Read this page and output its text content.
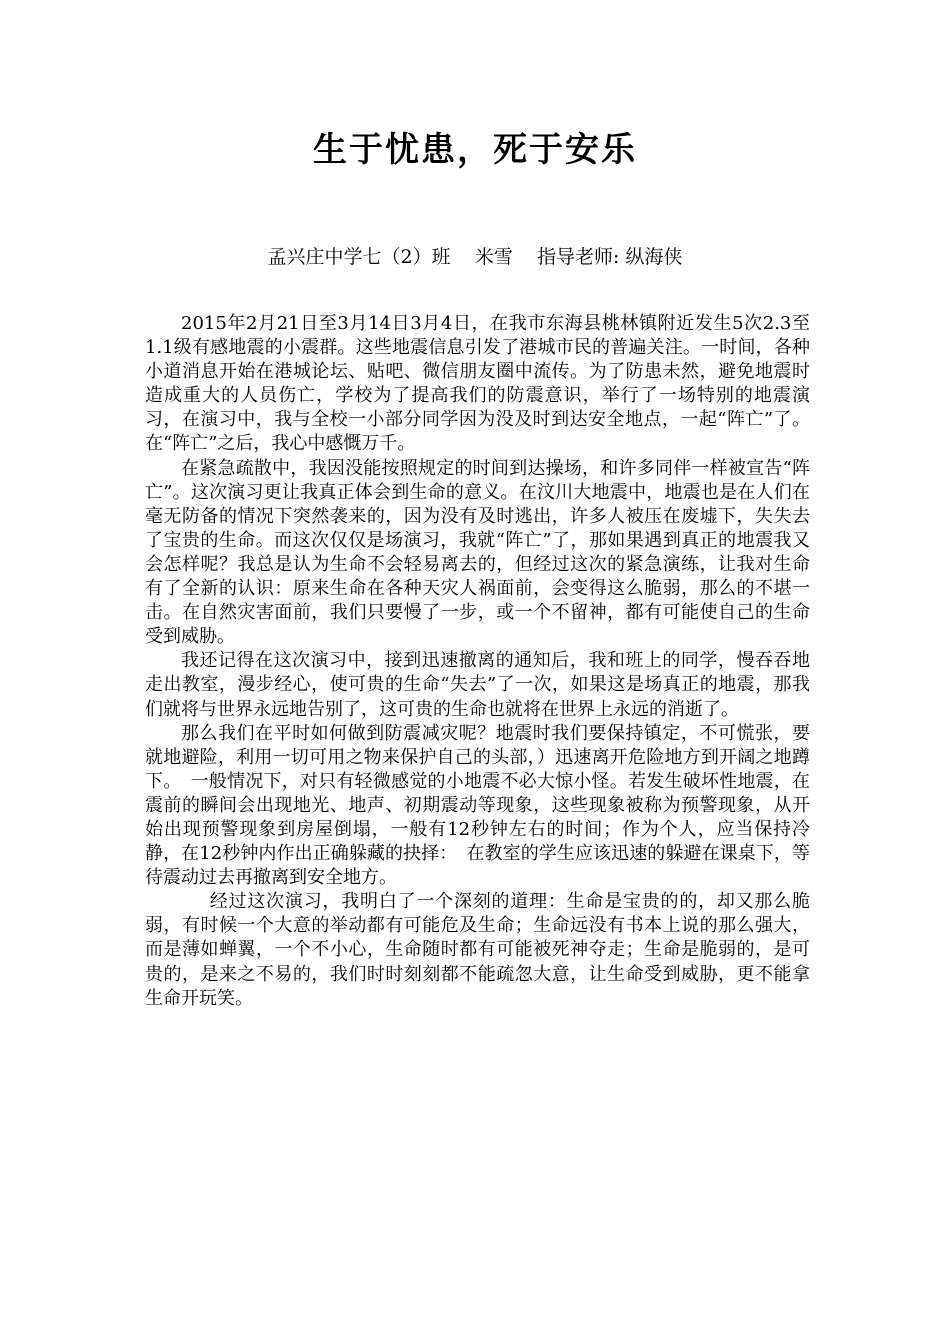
生于忧患，死于安乐
孟兴庄中学七（2）班 米雪 指导老师: 纵海侠

2015年2月21日至3月14日3月4日，在我市东海县桃林镇附近发生5次2.3至1.1级有感地震的小震群。这些地震信息引发了港城市民的普遍关注。一时间，各种小道消息开始在港城论坛、贴吧、微信朋友圈中流传。为了防患未然，避免地震时造成重大的人员伤亡，学校为了提高我们的防震意识，举行了一场特别的地震演习，在演习中，我与全校一小部分同学因为没及时到达安全地点，一起“阵亡”了。在“阵亡”之后，我心中感慨万千。

在紧急疏散中，我因没能按照规定的时间到达操场，和许多同伴一样被宣告“阵亡”。这次演习更让我真正体会到生命的意义。在汶川大地震中，地震也是在人们在毫无防备的情况下突然袭来的，因为没有及时逃出，许多人被压在废墟下，失失去了宝贵的生命。而这次仅仅是场演习，我就“阵亡”了，那如果遇到真正的地震我又会怎样呢？我总是认为生命不会轻易离去的，但经过这次的紧急演练，让我对生命有了全新的认识：原来生命在各种天灾人祸面前，会变得这么脆弱，那么的不堪一击。在自然灾害面前，我们只要慢了一步，或一个不留神，都有可能使自己的生命受到威胁。

我还记得在这次演习中，接到迅速撤离的通知后，我和班上的同学，慢吞吞地走出教室，漫步经心，使可贵的生命“失去”了一次，如果这是场真正的地震，那我们就将与世界永远地告别了，这可贵的生命也就将在世界上永远的消逝了。

那么我们在平时如何做到防震减灾呢？地震时我们要保持镇定，不可慌张，要就地避险，利用一切可用之物来保护自己的头部，）迅速离开危险地方到开阔之地蹲下。　一般情况下，对只有轻微感觉的小地震不必大惊小怪。若发生破坏性地震，在震前的瞬间会出现地光、地声、初期震动等现象，这些现象被称为预警现象，从开始出现预警现象到房屋倒塌，一般有12秒钟左右的时间；作为个人，应当保持冷静，在12秒钟内作出正确躲藏的抉择：　在教室的学生应该迅速的躲避在课桌下，等待震动过去再撤离到安全地方。

经过这次演习，我明白了一个深刻的道理：生命是宝贵的的，却又那么脆弱，有时候一个大意的举动都有可能危及生命；生命远没有书本上说的那么强大，而是薄如蝉翼，一个不小心，生命随时都有可能被死神夺走；生命是脆弱的，是可贵的，是来之不易的，我们时时刻刻都不能疏忽大意，让生命受到威胁，更不能拿生命开玩笑。
